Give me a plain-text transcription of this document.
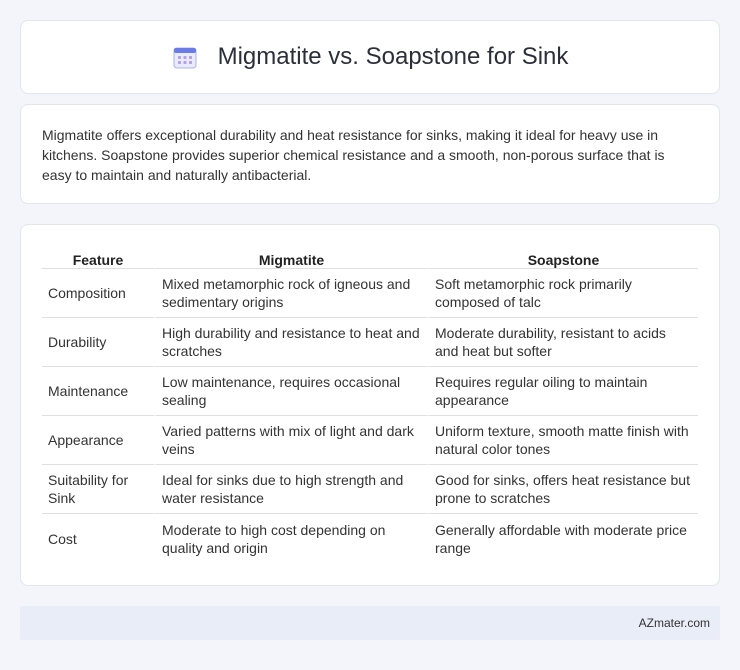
Migmatite vs. Soapstone for Sink

Migmatite offers exceptional durability and heat resistance for sinks, making it ideal for heavy use in kitchens. Soapstone provides superior chemical resistance and a smooth, non-porous surface that is easy to maintain and naturally antibacterial.

Feature	Migmatite	Soapstone
Composition	Mixed metamorphic rock of igneous and sedimentary origins	Soft metamorphic rock primarily composed of talc
Durability	High durability and resistance to heat and scratches	Moderate durability, resistant to acids and heat but softer
Maintenance	Low maintenance, requires occasional sealing	Requires regular oiling to maintain appearance
Appearance	Varied patterns with mix of light and dark veins	Uniform texture, smooth matte finish with natural color tones
Suitability for Sink	Ideal for sinks due to high strength and water resistance	Good for sinks, offers heat resistance but prone to scratches
Cost	Moderate to high cost depending on quality and origin	Generally affordable with moderate price range
AZmater.com
